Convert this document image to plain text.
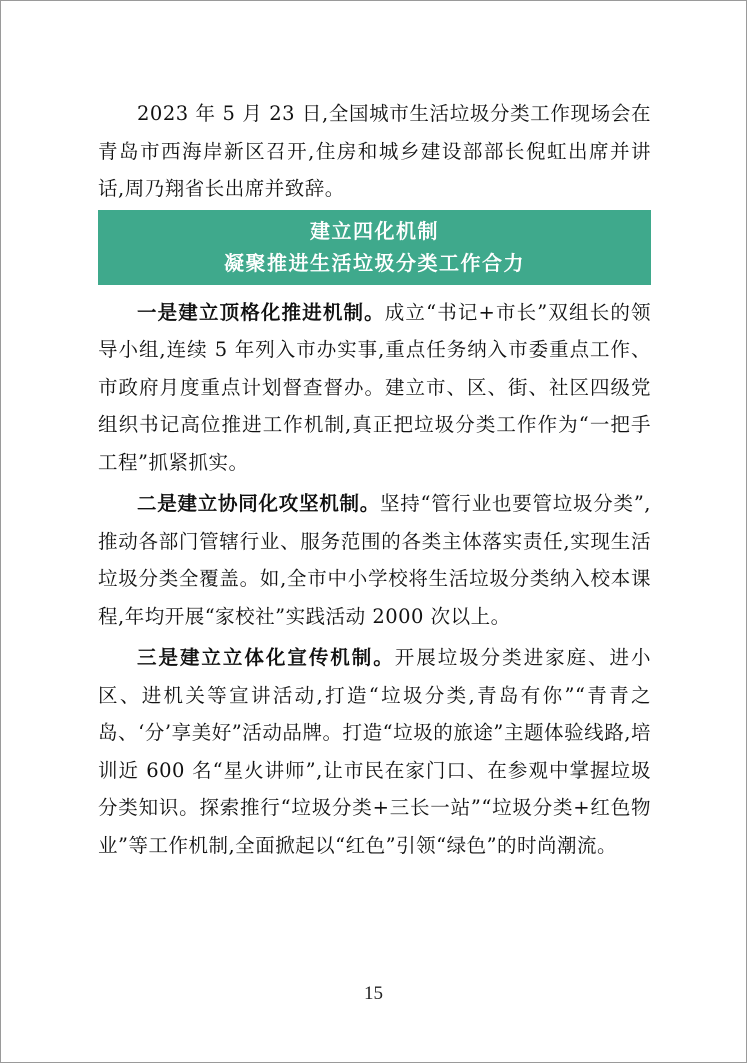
2023 年 5 月 23 日,全国城市生活垃圾分类工作现场会在青岛市西海岸新区召开,住房和城乡建设部部长倪虹出席并讲话,周乃翔省长出席并致辞。

建立四化机制
凝聚推进生活垃圾分类工作合力

一是建立顶格化推进机制。成立“书记+市长”双组长的领导小组,连续 5 年列入市办实事,重点任务纳入市委重点工作、市政府月度重点计划督查督办。建立市、区、街、社区四级党组织书记高位推进工作机制,真正把垃圾分类工作作为“一把手工程”抓紧抓实。

二是建立协同化攻坚机制。坚持“管行业也要管垃圾分类”,推动各部门管辖行业、服务范围的各类主体落实责任,实现生活垃圾分类全覆盖。如,全市中小学校将生活垃圾分类纳入校本课程,年均开展“家校社”实践活动 2000 次以上。

三是建立立体化宣传机制。开展垃圾分类进家庭、进小区、进机关等宣讲活动,打造“垃圾分类,青岛有你”“青青之岛、‘分’享美好”活动品牌。打造“垃圾的旅途”主题体验线路,培训近 600 名“星火讲师”,让市民在家门口、在参观中掌握垃圾分类知识。探索推行“垃圾分类+三长一站”“垃圾分类+红色物业”等工作机制,全面掀起以“红色”引领“绿色”的时尚潮流。

15
